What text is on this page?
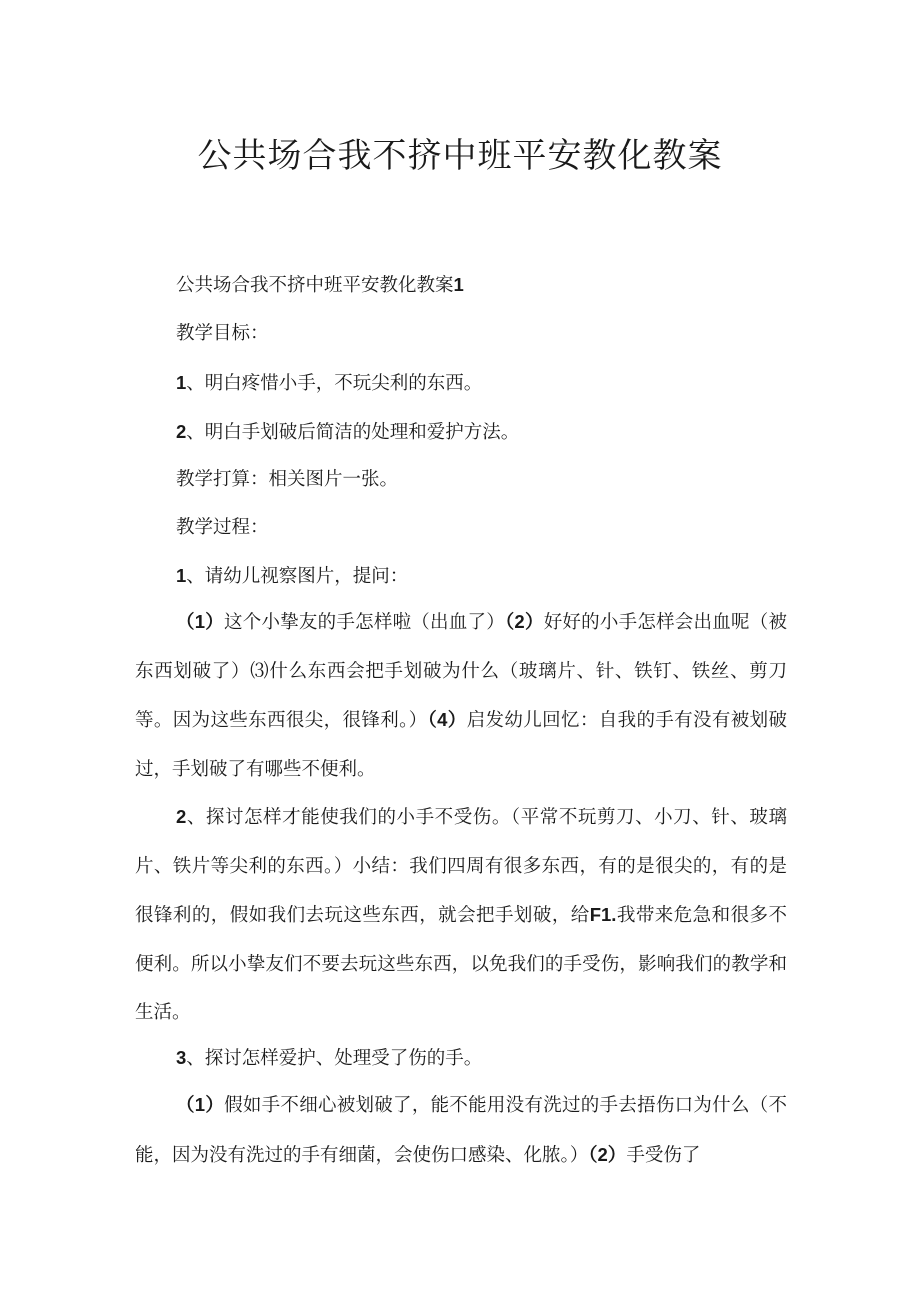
公共场合我不挤中班平安教化教案
公共场合我不挤中班平安教化教案1
教学目标：
1、明白疼惜小手，不玩尖利的东西。
2、明白手划破后简洁的处理和爱护方法。
教学打算：相关图片一张。
教学过程：
1、请幼儿视察图片，提问：
（1）这个小挚友的手怎样啦（出血了）（2）好好的小手怎样会出血呢（被东西划破了）⑶什么东西会把手划破为什么（玻璃片、针、铁钉、铁丝、剪刀等。因为这些东西很尖，很锋利。）（4）启发幼儿回忆：自我的手有没有被划破过，手划破了有哪些不便利。
2、探讨怎样才能使我们的小手不受伤。（平常不玩剪刀、小刀、针、玻璃片、铁片等尖利的东西。）小结：我们四周有很多东西，有的是很尖的，有的是很锋利的，假如我们去玩这些东西，就会把手划破，给F1.我带来危急和很多不便利。所以小挚友们不要去玩这些东西，以免我们的手受伤，影响我们的教学和生活。
3、探讨怎样爱护、处理受了伤的手。
（1）假如手不细心被划破了，能不能用没有洗过的手去捂伤口为什么（不能，因为没有洗过的手有细菌，会使伤口感染、化脓。）（2）手受伤了
